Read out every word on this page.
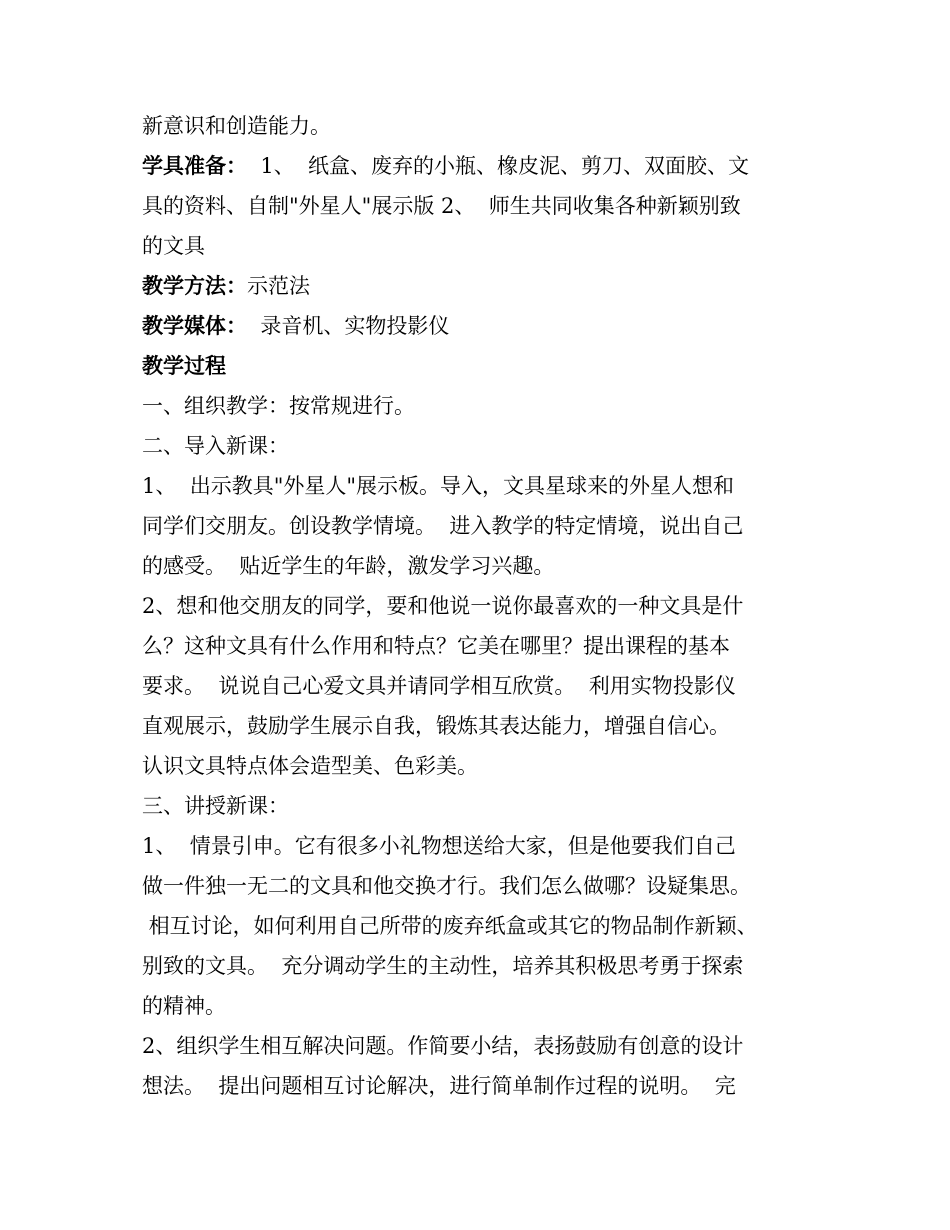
新意识和创造能力。
学具准备：  1、  纸盒、废弃的小瓶、橡皮泥、剪刀、双面胶、文
具的资料、自制"外星人"展示版 2、  师生共同收集各种新颖别致
的文具
教学方法：示范法
教学媒体：  录音机、实物投影仪
教学过程
一、组织教学：按常规进行。
二、导入新课：
1、  出示教具"外星人"展示板。导入，文具星球来的外星人想和
同学们交朋友。创设教学情境。  进入教学的特定情境，说出自己
的感受。  贴近学生的年龄，激发学习兴趣。
2、想和他交朋友的同学，要和他说一说你最喜欢的一种文具是什
么？这种文具有什么作用和特点？它美在哪里？提出课程的基本
要求。  说说自己心爱文具并请同学相互欣赏。  利用实物投影仪
直观展示，鼓励学生展示自我，锻炼其表达能力，增强自信心。
认识文具特点体会造型美、色彩美。
三、讲授新课：
1、  情景引申。它有很多小礼物想送给大家，但是他要我们自己
做一件独一无二的文具和他交换才行。我们怎么做哪？设疑集思。
相互讨论，如何利用自己所带的废弃纸盒或其它的物品制作新颖、
别致的文具。  充分调动学生的主动性，培养其积极思考勇于探索
的精神。
2、组织学生相互解决问题。作简要小结，表扬鼓励有创意的设计
想法。  提出问题相互讨论解决，进行简单制作过程的说明。  完
